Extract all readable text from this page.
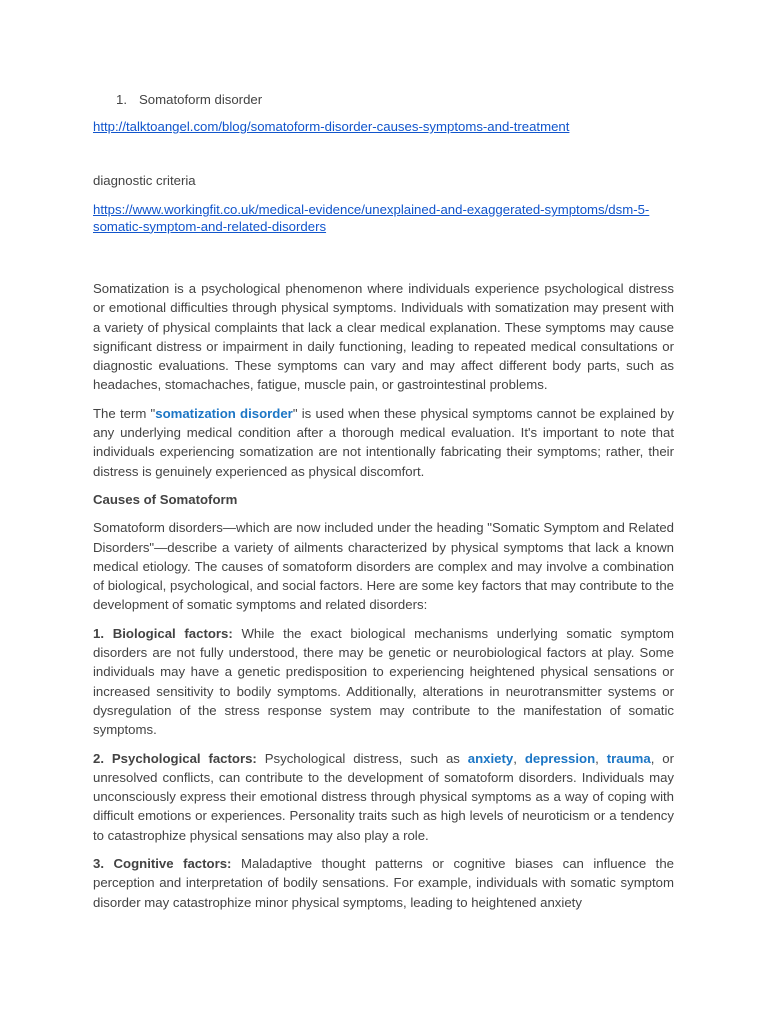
1. Somatoform disorder

http://talktoangel.com/blog/somatoform-disorder-causes-symptoms-and-treatment

diagnostic criteria

https://www.workingfit.co.uk/medical-evidence/unexplained-and-exaggerated-symptoms/dsm-5-
somatic-symptom-and-related-disorders

Somatization is a psychological phenomenon where individuals experience psychological distress or emotional difficulties through physical symptoms. Individuals with somatization may present with a variety of physical complaints that lack a clear medical explanation. These symptoms may cause significant distress or impairment in daily functioning, leading to repeated medical consultations or diagnostic evaluations. These symptoms can vary and may affect different body parts, such as headaches, stomachaches, fatigue, muscle pain, or gastrointestinal problems.

The term "somatization disorder" is used when these physical symptoms cannot be explained by any underlying medical condition after a thorough medical evaluation. It's important to note that individuals experiencing somatization are not intentionally fabricating their symptoms; rather, their distress is genuinely experienced as physical discomfort.

Causes of Somatoform

Somatoform disorders—which are now included under the heading "Somatic Symptom and Related Disorders"—describe a variety of ailments characterized by physical symptoms that lack a known medical etiology. The causes of somatoform disorders are complex and may involve a combination of biological, psychological, and social factors. Here are some key factors that may contribute to the development of somatic symptoms and related disorders:

1. Biological factors: While the exact biological mechanisms underlying somatic symptom disorders are not fully understood, there may be genetic or neurobiological factors at play. Some individuals may have a genetic predisposition to experiencing heightened physical sensations or increased sensitivity to bodily symptoms. Additionally, alterations in neurotransmitter systems or dysregulation of the stress response system may contribute to the manifestation of somatic symptoms.

2. Psychological factors: Psychological distress, such as anxiety, depression, trauma, or unresolved conflicts, can contribute to the development of somatoform disorders. Individuals may unconsciously express their emotional distress through physical symptoms as a way of coping with difficult emotions or experiences. Personality traits such as high levels of neuroticism or a tendency to catastrophize physical sensations may also play a role.

3. Cognitive factors: Maladaptive thought patterns or cognitive biases can influence the perception and interpretation of bodily sensations. For example, individuals with somatic symptom disorder may catastrophize minor physical symptoms, leading to heightened anxiety
